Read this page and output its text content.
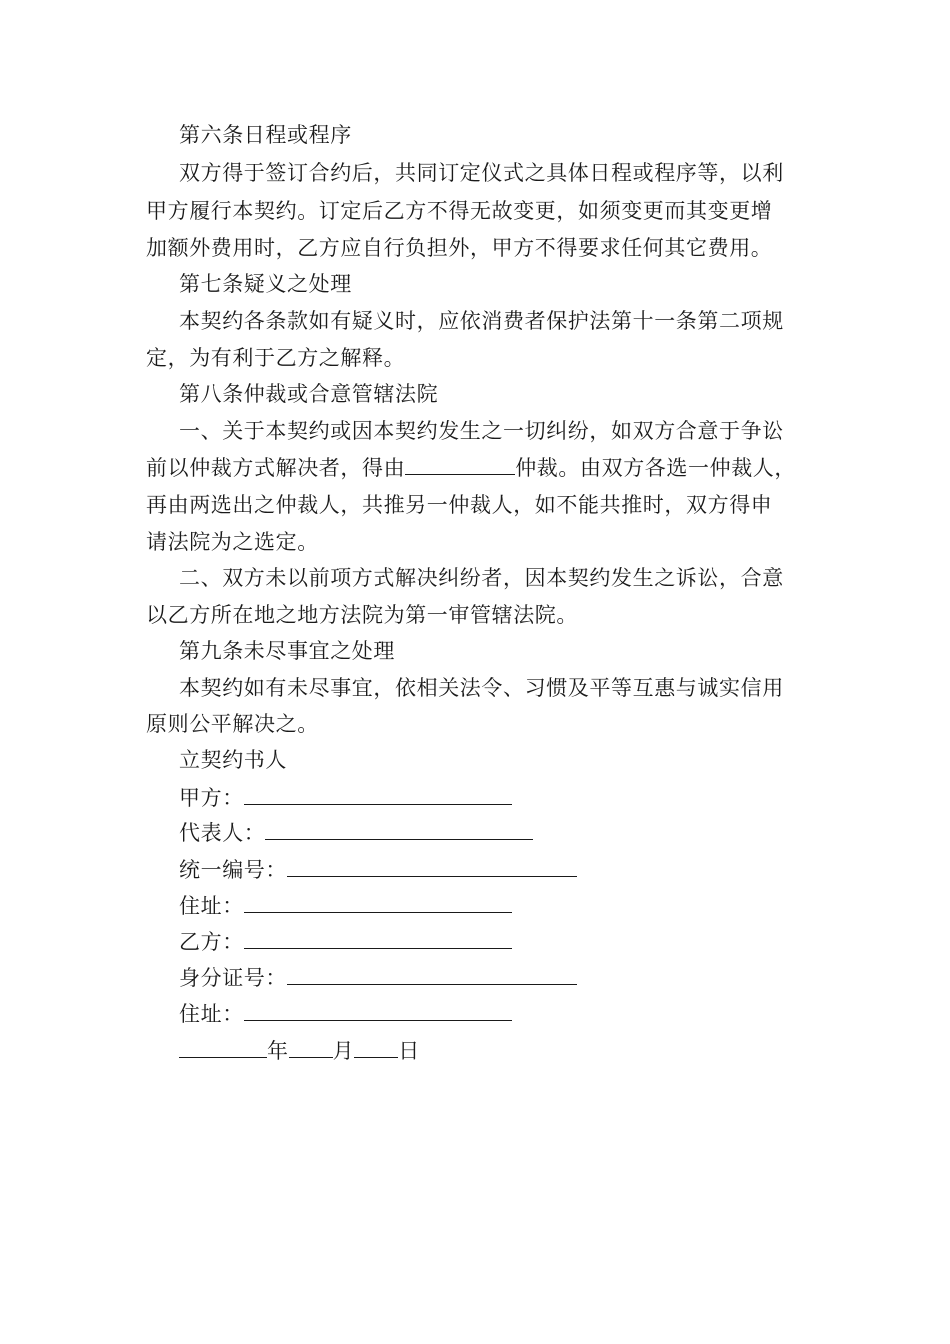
第六条日程或程序
双方得于签订合约后，共同订定仪式之具体日程或程序等，以利
甲方履行本契约。订定后乙方不得无故变更，如须变更而其变更增
加额外费用时，乙方应自行负担外，甲方不得要求任何其它费用。
第七条疑义之处理
本契约各条款如有疑义时，应依消费者保护法第十一条第二项规
定，为有利于乙方之解释。
第八条仲裁或合意管辖法院
一、关于本契约或因本契约发生之一切纠纷，如双方合意于争讼
前以仲裁方式解决者，得由	仲裁。由双方各选一仲裁人，
再由两选出之仲裁人，共推另一仲裁人，如不能共推时，双方得申
请法院为之选定。
二、双方未以前项方式解决纠纷者，因本契约发生之诉讼，合意
以乙方所在地之地方法院为第一审管辖法院。
第九条未尽事宜之处理
本契约如有未尽事宜，依相关法令、习惯及平等互惠与诚实信用
原则公平解决之。
立契约书人
甲方：
代表人：
统一编号：
住址：
乙方：
身分证号：
住址：
年 月 日
